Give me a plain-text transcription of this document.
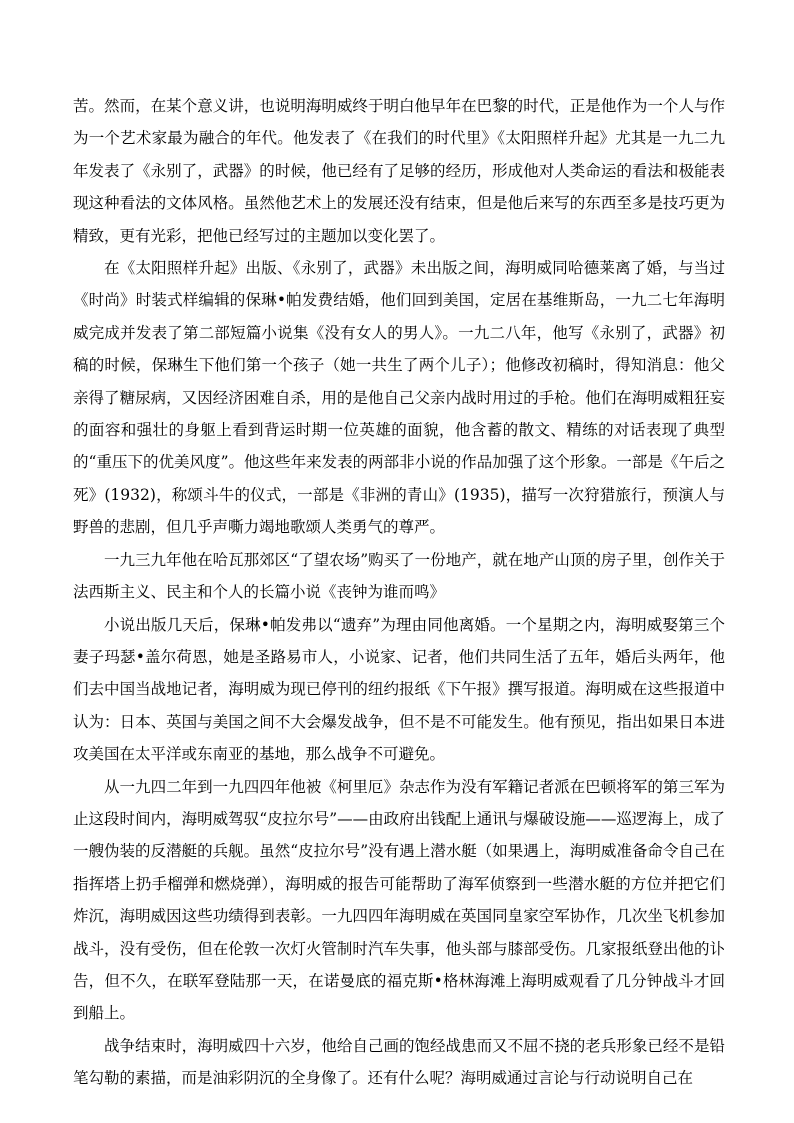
苦。然而，在某个意义讲，也说明海明威终于明白他早年在巴黎的时代，正是他作为一个人与作为一个艺术家最为融合的年代。他发表了《在我们的时代里》《太阳照样升起》尤其是一九二九年发表了《永别了，武器》的时候，他已经有了足够的经历，形成他对人类命运的看法和极能表现这种看法的文体风格。虽然他艺术上的发展还没有结束，但是他后来写的东西至多是技巧更为精致，更有光彩，把他已经写过的主题加以变化罢了。

在《太阳照样升起》出版、《永别了，武器》未出版之间，海明威同哈德莱离了婚，与当过《时尚》时装式样编辑的保琳•帕发费结婚，他们回到美国，定居在基维斯岛，一九二七年海明威完成并发表了第二部短篇小说集《没有女人的男人》。一九二八年，他写《永别了，武器》初稿的时候，保琳生下他们第一个孩子（她一共生了两个儿子）；他修改初稿时，得知消息：他父亲得了糖尿病，又因经济困难自杀，用的是他自己父亲内战时用过的手枪。他们在海明威粗狂妄的面容和强壮的身躯上看到背运时期一位英雄的面貌，他含蓄的散文、精练的对话表现了典型的“重压下的优美风度”。他这些年来发表的两部非小说的作品加强了这个形象。一部是《午后之死》(1932)，称颂斗牛的仪式，一部是《非洲的青山》(1935)，描写一次狩猎旅行，预演人与野兽的悲剧，但几乎声嘶力竭地歌颂人类勇气的尊严。

一九三九年他在哈瓦那郊区“了望农场”购买了一份地产，就在地产山顶的房子里，创作关于法西斯主义、民主和个人的长篇小说《丧钟为谁而鸣》

小说出版几天后，保琳•帕发弗以“遗弃”为理由同他离婚。一个星期之内，海明威娶第三个妻子玛瑟•盖尔荷恩，她是圣路易市人，小说家、记者，他们共同生活了五年，婚后头两年，他们去中国当战地记者，海明威为现已停刊的纽约报纸《下午报》撰写报道。海明威在这些报道中认为：日本、英国与美国之间不大会爆发战争，但不是不可能发生。他有预见，指出如果日本进攻美国在太平洋或东南亚的基地，那么战争不可避免。

从一九四二年到一九四四年他被《柯里厄》杂志作为没有军籍记者派在巴顿将军的第三军为止这段时间内，海明威驾驭“皮拉尔号”——由政府出钱配上通讯与爆破设施——巡逻海上，成了一艘伪装的反潜艇的兵舰。虽然“皮拉尔号”没有遇上潜水艇（如果遇上，海明威准备命令自己在指挥塔上扔手榴弹和燃烧弹），海明威的报告可能帮助了海军侦察到一些潜水艇的方位并把它们炸沉，海明威因这些功绩得到表彰。一九四四年海明威在英国同皇家空军协作，几次坐飞机参加战斗，没有受伤，但在伦敦一次灯火管制时汽车失事，他头部与膝部受伤。几家报纸登出他的讣告，但不久，在联军登陆那一天，在诺曼底的福克斯•格林海滩上海明威观看了几分钟战斗才回到船上。

战争结束时，海明威四十六岁，他给自己画的饱经战患而又不屈不挠的老兵形象已经不是铅笔勾勒的素描，而是油彩阴沉的全身像了。还有什么呢？海明威通过言论与行动说明自己在
